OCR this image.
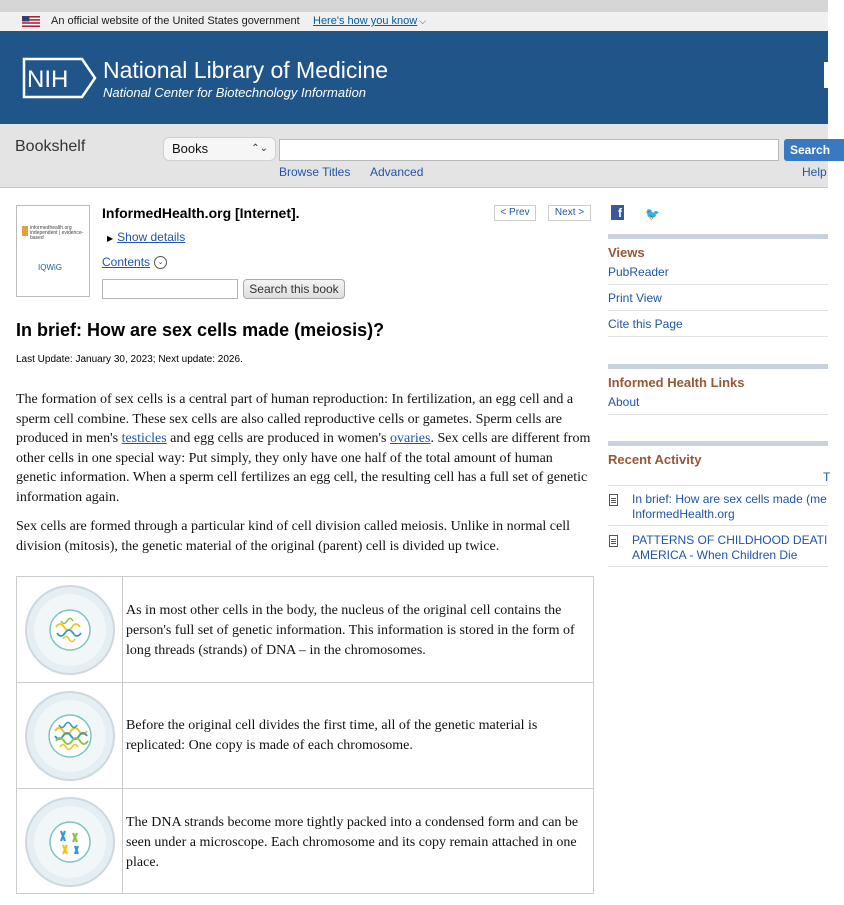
An official website of the United States government Here's how you know ⌵
NIH National Library of Medicine
National Center for Biotechnology Information
Bookshelf	Books	⌃⌄	Search
Browse Titles Advanced	Help
informedhealth.org
independent | evidence-based
IQWiG
InformedHealth.org [Internet].
▶ Show details
Contents	⌄
Search this book
< Prev	Next >
In brief: How are sex cells made (meiosis)?
Last Update: January 30, 2023; Next update: 2026.

The formation of sex cells is a central part of human reproduction: In fertilization, an egg cell and a sperm cell combine. These sex cells are also called reproductive cells or gametes. Sperm cells are produced in men's testicles and egg cells are produced in women's ovaries. Sex cells are different from other cells in one special way: Put simply, they only have one half of the total amount of human genetic information. When a sperm cell fertilizes an egg cell, the resulting cell has a full set of genetic information again.

Sex cells are formed through a particular kind of cell division called meiosis. Unlike in normal cell division (mitosis), the genetic material of the original (parent) cell is divided up twice.

As in most other cells in the body, the nucleus of the original cell contains the person's full set of genetic information. This information is stored in the form of long threads (strands) of DNA – in the chromosomes.
Before the original cell divides the first time, all of the genetic material is replicated: One copy is made of each chromosome.
The DNA strands become more tightly packed into a condensed form and can be seen under a microscope. Each chromosome and its copy remain attached in one place.
f 🐦
Views
PubReader
Print View
Cite this Page
Informed Health Links
About
Recent Activity
T
In brief: How are sex cells made (me
InformedHealth.org
PATTERNS OF CHILDHOOD DEATI
AMERICA - When Children Die
